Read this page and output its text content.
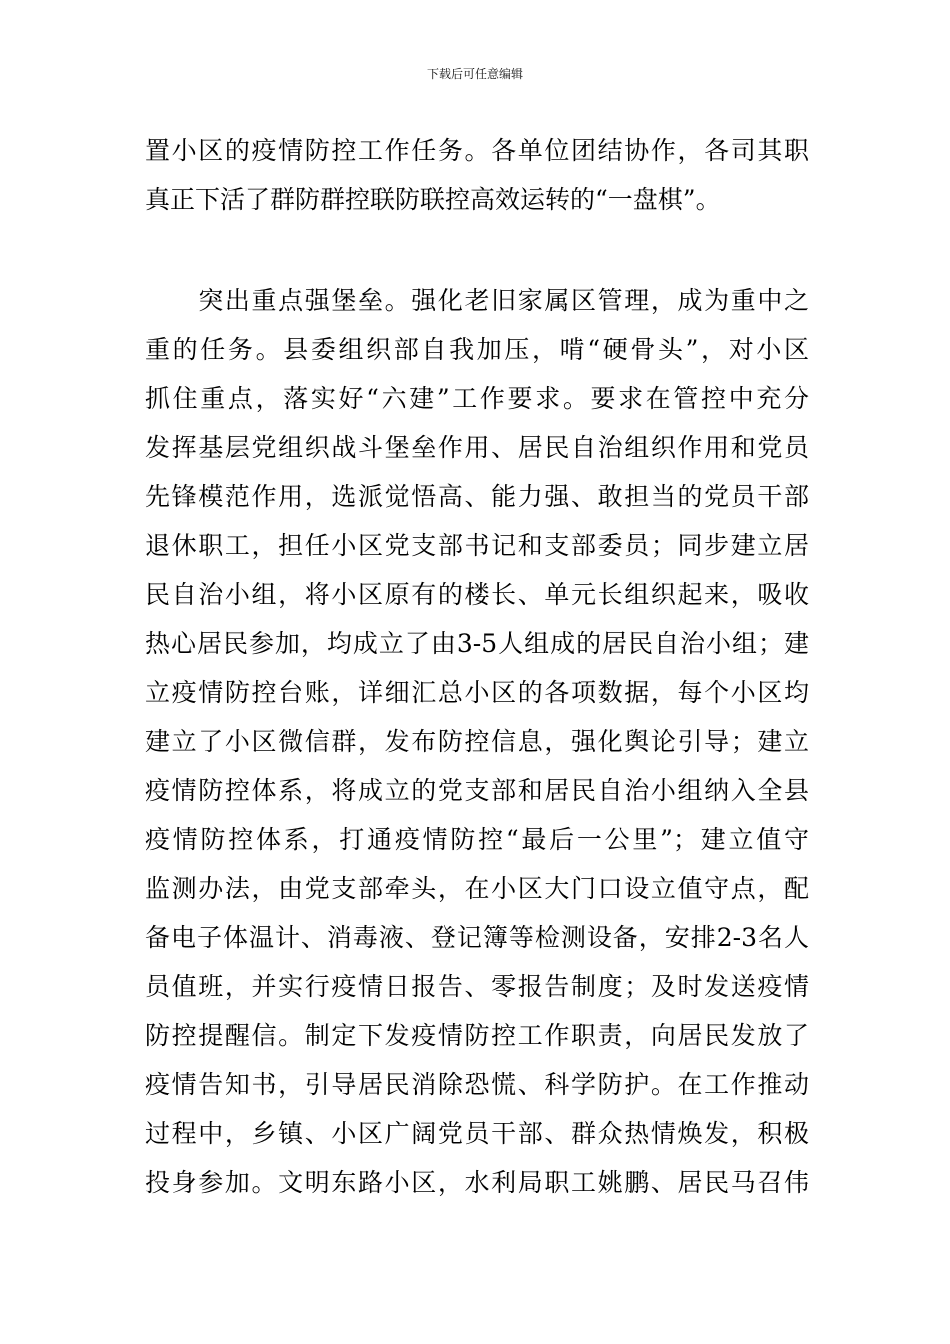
下载后可任意编辑
置小区的疫情防控工作任务。各单位团结协作，各司其职
真正下活了群防群控联防联控高效运转的“一盘棋”。
　　突出重点强堡垒。强化老旧家属区管理，成为重中之
重的任务。县委组织部自我加压，啃“硬骨头”，对小区
抓住重点，落实好“六建”工作要求。要求在管控中充分
发挥基层党组织战斗堡垒作用、居民自治组织作用和党员
先锋模范作用，选派觉悟高、能力强、敢担当的党员干部
退休职工，担任小区党支部书记和支部委员；同步建立居
民自治小组，将小区原有的楼长、单元长组织起来，吸收
热心居民参加，均成立了由3-5人组成的居民自治小组；建
立疫情防控台账，详细汇总小区的各项数据，每个小区均
建立了小区微信群，发布防控信息，强化舆论引导；建立
疫情防控体系，将成立的党支部和居民自治小组纳入全县
疫情防控体系，打通疫情防控“最后一公里”；建立值守
监测办法，由党支部牵头，在小区大门口设立值守点，配
备电子体温计、消毒液、登记簿等检测设备，安排2-3名人
员值班，并实行疫情日报告、零报告制度；及时发送疫情
防控提醒信。制定下发疫情防控工作职责，向居民发放了
疫情告知书，引导居民消除恐慌、科学防护。在工作推动
过程中，乡镇、小区广阔党员干部、群众热情焕发，积极
投身参加。文明东路小区，水利局职工姚鹏、居民马召伟
